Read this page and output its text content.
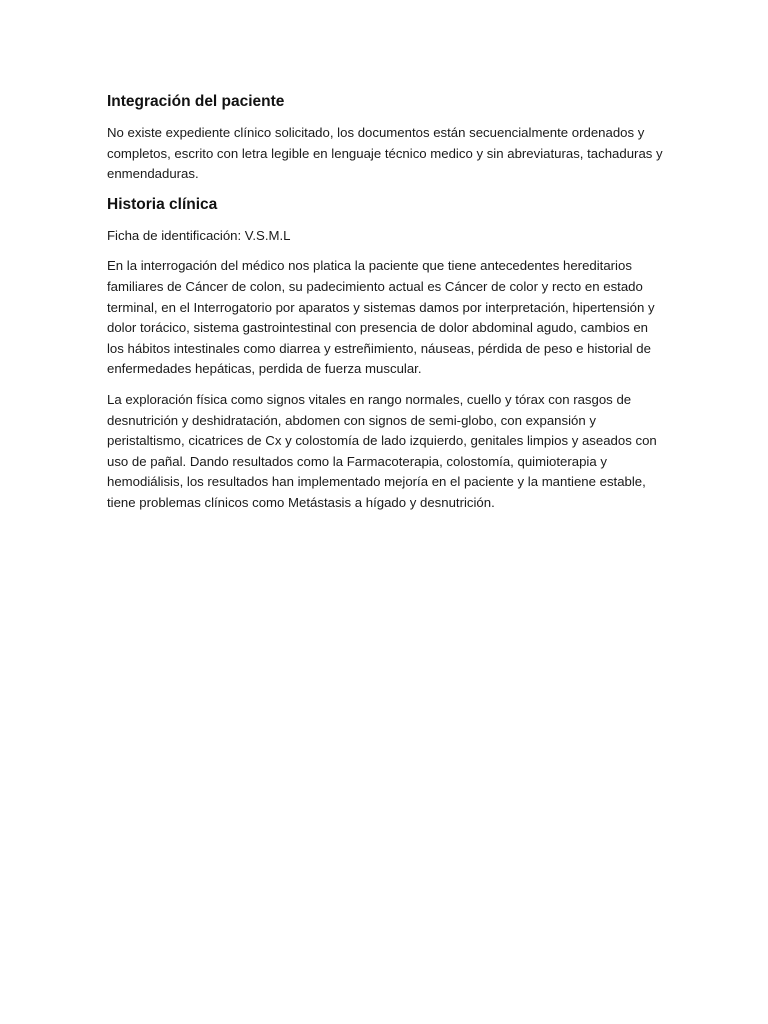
Integración del paciente

No existe expediente clínico solicitado, los documentos están secuencialmente ordenados y completos, escrito con letra legible en lenguaje técnico medico y sin abreviaturas, tachaduras y enmendaduras.

Historia clínica

Ficha de identificación: V.S.M.L

En la interrogación del médico nos platica la paciente que tiene antecedentes hereditarios familiares de Cáncer de colon, su padecimiento actual es Cáncer de color y recto en estado terminal, en el Interrogatorio por aparatos y sistemas damos por interpretación, hipertensión y dolor torácico, sistema gastrointestinal con presencia de dolor abdominal agudo, cambios en los hábitos intestinales como diarrea y estreñimiento, náuseas, pérdida de peso e historial de enfermedades hepáticas, perdida de fuerza muscular.

La exploración física como signos vitales en rango normales, cuello y tórax con rasgos de desnutrición y deshidratación, abdomen con signos de semi-globo, con expansión y peristaltismo, cicatrices de Cx y colostomía de lado izquierdo, genitales limpios y aseados con uso de pañal. Dando resultados como la Farmacoterapia, colostomía, quimioterapia y hemodiálisis, los resultados han implementado mejoría en el paciente y la mantiene estable, tiene problemas clínicos como Metástasis a hígado y desnutrición.
